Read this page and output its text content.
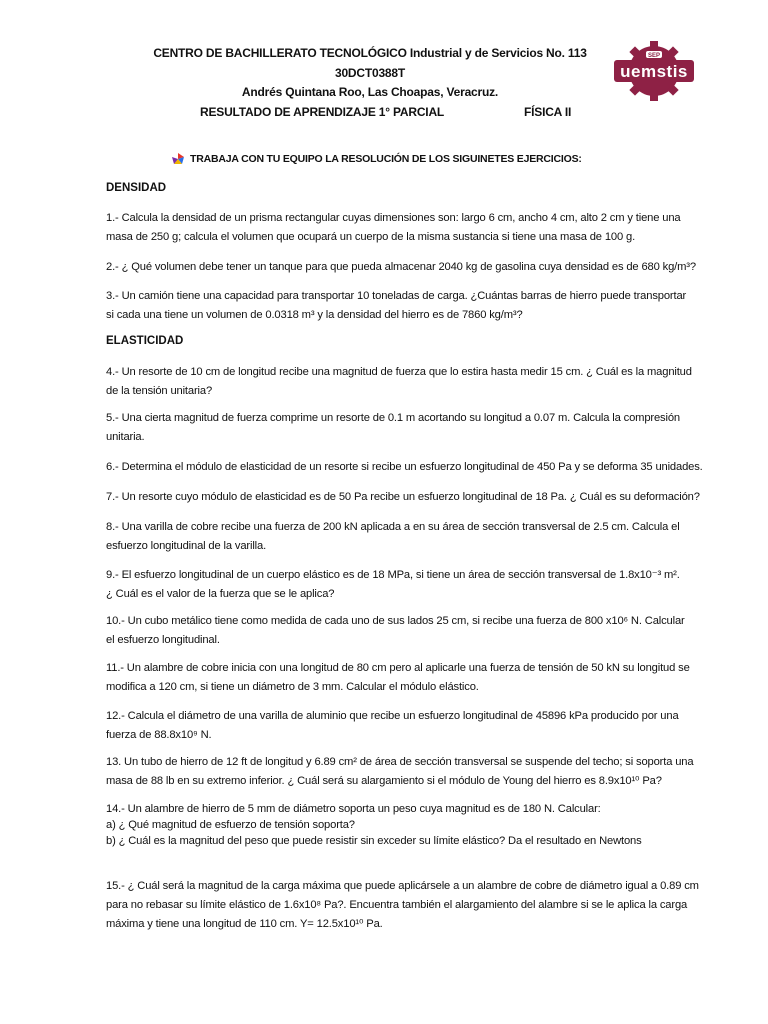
CENTRO DE BACHILLERATO TECNOLÓGICO Industrial y de Servicios No. 113
30DCT0388T
Andrés Quintana Roo, Las Choapas, Veracruz.
RESULTADO DE APRENDIZAJE 1° PARCIAL	FÍSICA II
SEP
uemstis
TRABAJA CON TU EQUIPO LA RESOLUCIÓN DE LOS SIGUINETES EJERCICIOS:
DENSIDAD
1.- Calcula la densidad de un prisma rectangular cuyas dimensiones son: largo 6 cm, ancho 4 cm, alto 2 cm y tiene una
masa de 250 g; calcula el volumen que ocupará un cuerpo de la misma sustancia si tiene una masa de 100 g.
2.- ¿ Qué volumen debe tener un tanque para que pueda almacenar 2040 kg de gasolina cuya densidad es de 680 kg/m³?
3.- Un camión tiene una capacidad para transportar 10 toneladas de carga. ¿Cuántas barras de hierro puede transportar
si cada una tiene un volumen de 0.0318 m³ y la densidad del hierro es de 7860 kg/m³?
ELASTICIDAD
4.- Un resorte de 10 cm de longitud recibe una magnitud de fuerza que lo estira hasta medir 15 cm. ¿ Cuál es la magnitud
de la tensión unitaria?
5.- Una cierta magnitud de fuerza comprime un resorte de 0.1 m acortando su longitud a 0.07 m. Calcula la compresión
unitaria.
6.- Determina el módulo de elasticidad de un resorte si recibe un esfuerzo longitudinal de 450 Pa y se deforma 35 unidades.
7.- Un resorte cuyo módulo de elasticidad es de 50 Pa recibe un esfuerzo longitudinal de 18 Pa. ¿ Cuál es su deformación?
8.- Una varilla de cobre recibe una fuerza de 200 kN aplicada a en su área de sección transversal de 2.5 cm. Calcula el
esfuerzo longitudinal de la varilla.
9.- El esfuerzo longitudinal de un cuerpo elástico es de 18 MPa, si tiene un área de sección transversal de 1.8x10⁻³ m².
¿ Cuál es el valor de la fuerza que se le aplica?
10.- Un cubo metálico tiene como medida de cada uno de sus lados 25 cm, si recibe una fuerza de 800 x10⁶ N. Calcular
el esfuerzo longitudinal.
11.- Un alambre de cobre inicia con una longitud de 80 cm pero al aplicarle una fuerza de tensión de 50 kN su longitud se
modifica a 120 cm, si tiene un diámetro de 3 mm. Calcular el módulo elástico.
12.- Calcula el diámetro de una varilla de aluminio que recibe un esfuerzo longitudinal de 45896 kPa producido por una
fuerza de 88.8x10⁹ N.
13. Un tubo de hierro de 12 ft de longitud y 6.89 cm² de área de sección transversal se suspende del techo; si soporta una
masa de 88 lb en su extremo inferior. ¿ Cuál será su alargamiento si el módulo de Young del hierro es 8.9x10¹⁰ Pa?
14.- Un alambre de hierro de 5 mm de diámetro soporta un peso cuya magnitud es de 180 N. Calcular:
a) ¿ Qué magnitud de esfuerzo de tensión soporta?
b) ¿ Cuál es la magnitud del peso que puede resistir sin exceder su límite elástico? Da el resultado en Newtons
15.- ¿ Cuál será la magnitud de la carga máxima que puede aplicársele a un alambre de cobre de diámetro igual a 0.89 cm
para no rebasar su límite elástico de 1.6x10⁸ Pa?. Encuentra también el alargamiento del alambre si se le aplica la carga
máxima y tiene una longitud de 110 cm. Y= 12.5x10¹⁰ Pa.
